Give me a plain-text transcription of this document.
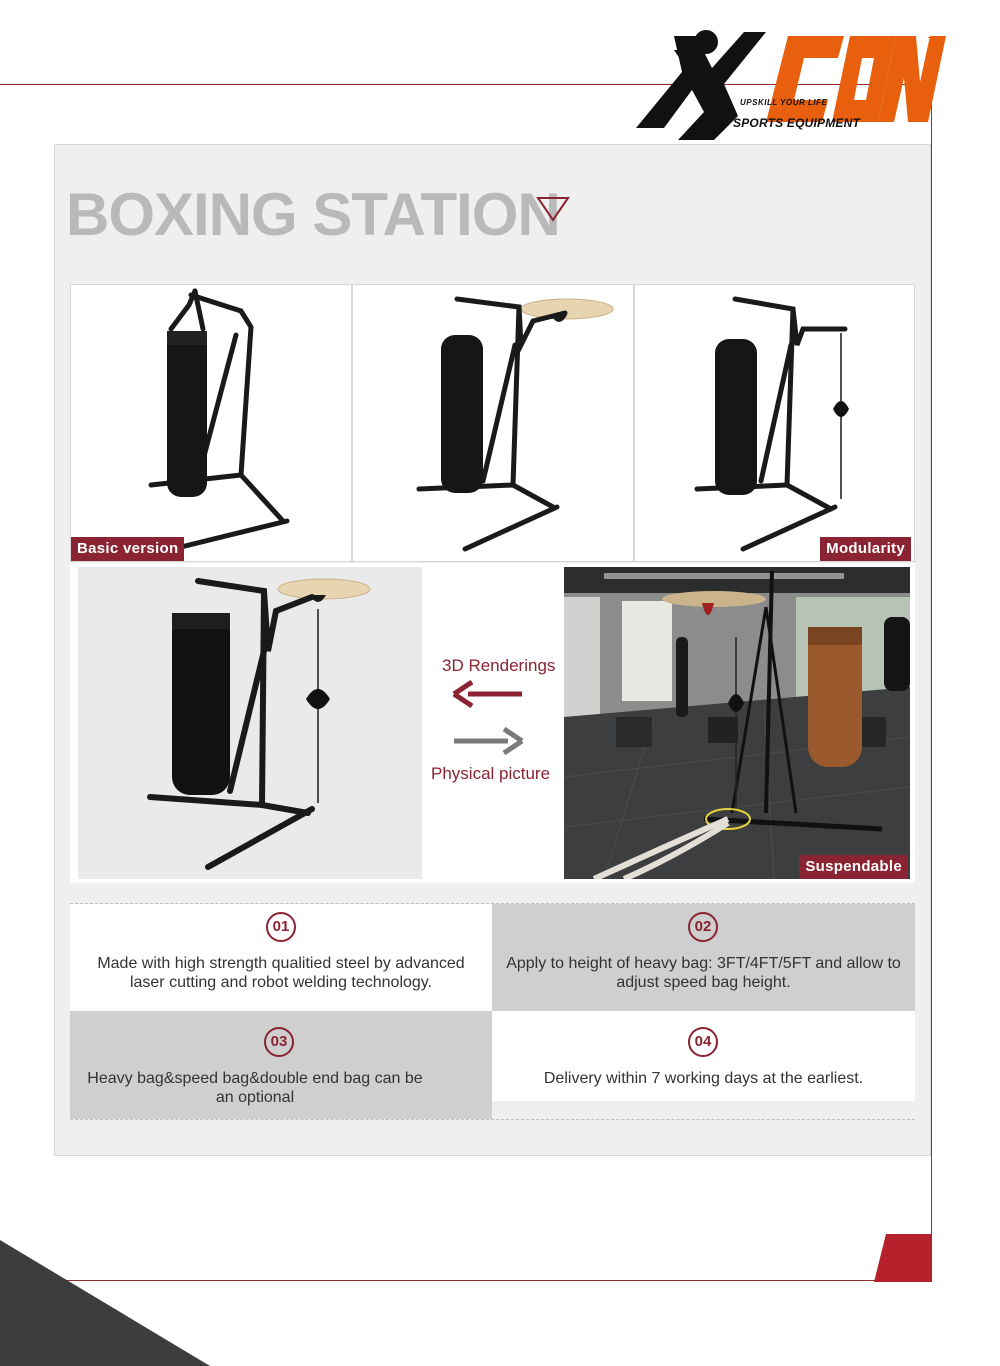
TM
UPSKILL YOUR LIFE
SPORTS EQUIPMENT
BOXING STATION
Basic version	Modularity
3D Renderings
Physical picture
Suspendable
01
Made with high strength qualitied steel by advanced laser cutting and robot welding technology.
02
Apply to height of heavy bag: 3FT/4FT/5FT and allow to adjust speed bag height.
03
Heavy bag&speed bag&double end bag can be an optional
04
Delivery within 7 working days at the earliest.
